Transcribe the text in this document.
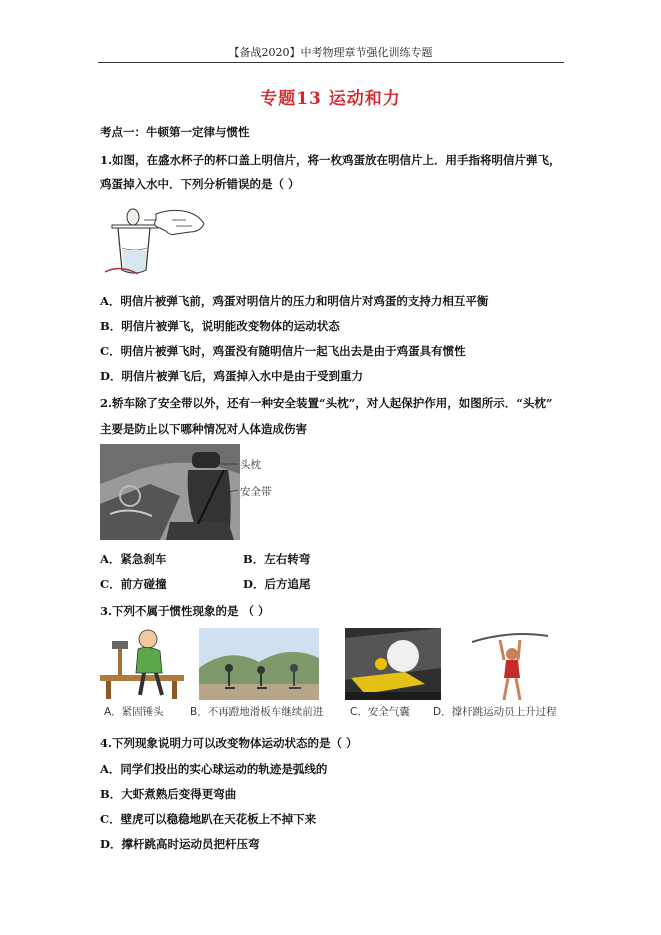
【备战2020】中考物理章节强化训练专题
专题13 运动和力
考点一：牛顿第一定律与惯性
1.如图，在盛水杯子的杯口盖上明信片，将一枚鸡蛋放在明信片上．用手指将明信片弹飞，
鸡蛋掉入水中．下列分析错误的是（ ）
A．明信片被弹飞前，鸡蛋对明信片的压力和明信片对鸡蛋的支持力相互平衡
B．明信片被弹飞，说明能改变物体的运动状态
C．明信片被弹飞时，鸡蛋没有随明信片一起飞出去是由于鸡蛋具有惯性
D．明信片被弹飞后，鸡蛋掉入水中是由于受到重力
2.轿车除了安全带以外，还有一种安全装置“头枕”，对人起保护作用，如图所示．“头枕”
主要是防止以下哪种情况对人体造成伤害
头枕
安全带
A．紧急刹车	B．左右转弯
C．前方碰撞	D．后方追尾
3.下列不属于惯性现象的是 （ ）
A．紧固锤头	B．不再蹬地滑板车继续前进	C．安全气囊 D．撑杆跳运动员上升过程
4.下列现象说明力可以改变物体运动状态的是（ ）
A．同学们投出的实心球运动的轨迹是弧线的
B．大虾煮熟后变得更弯曲
C．壁虎可以稳稳地趴在天花板上不掉下来
D．撑杆跳高时运动员把杆压弯
